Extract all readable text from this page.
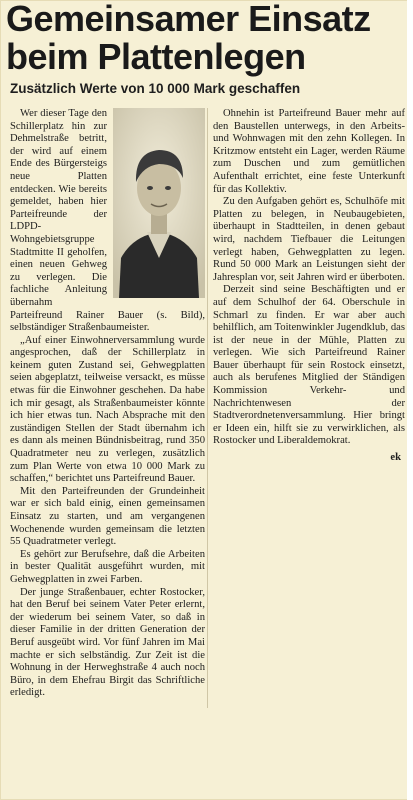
Gemeinsamer Einsatz
beim Plattenlegen
Zusätzlich Werte von 10 000 Mark geschaffen

Wer dieser Tage den Schillerplatz hin zur Dehmelstraße betritt, der wird auf einem Ende des Bürgersteigs neue Platten entdecken. Wie bereits gemeldet, haben hier Parteifreunde der LDPD-Wohngebietsgruppe Stadtmitte II geholfen, einen neuen Gehweg zu verlegen. Die fachliche Anleitung übernahm Parteifreund Rainer Bauer (s. Bild), selbständiger Straßenbaumeister.

„Auf einer Einwohnerversammlung wurde angesprochen, daß der Schillerplatz in keinem guten Zustand sei, Gehwegplatten seien abgeplatzt, teilweise versackt, es müsse etwas für die Einwohner geschehen. Da habe ich mir gesagt, als Straßenbaumeister könnte ich hier etwas tun. Nach Absprache mit den zuständigen Stellen der Stadt übernahm ich es dann als meinen Bündnisbeitrag, rund 350 Quadratmeter neu zu verlegen, zusätzlich zum Plan Werte von etwa 10 000 Mark zu schaffen,“ berichtet uns Parteifreund Bauer.

Mit den Parteifreunden der Grundeinheit war er sich bald einig, einen gemeinsamen Einsatz zu starten, und am vergangenen Wochenende wurden gemeinsam die letzten 55 Quadratmeter verlegt.

Es gehört zur Berufsehre, daß die Arbeiten in bester Qualität ausgeführt wurden, mit Gehwegplatten in zwei Farben.

Der junge Straßenbauer, echter Rostocker, hat den Beruf bei seinem Vater Peter erlernt, der wiederum bei seinem Vater, so daß in dieser Familie in der dritten Generation der Beruf ausgeübt wird. Vor fünf Jahren im Mai machte er sich selbständig. Zur Zeit ist die Wohnung in der Herweghstraße 4 auch noch Büro, in dem Ehefrau Birgit das Schriftliche erledigt.

Ohnehin ist Parteifreund Bauer mehr auf den Baustellen unterwegs, in den Arbeits- und Wohnwagen mit den zehn Kollegen. In Kritzmow entsteht ein Lager, werden Räume zum Duschen und zum gemütlichen Aufenthalt errichtet, eine feste Unterkunft für das Kollektiv.

Zu den Aufgaben gehört es, Schulhöfe mit Platten zu belegen, in Neubaugebieten, überhaupt in Stadtteilen, in denen gebaut wird, nachdem Tiefbauer die Leitungen verlegt haben, Gehwegplatten zu legen. Rund 50 000 Mark an Leistungen sieht der Jahresplan vor, seit Jahren wird er überboten.

Derzeit sind seine Beschäftigten und er auf dem Schulhof der 64. Oberschule in Schmarl zu finden. Er war aber auch behilflich, am Toitenwinkler Jugendklub, das ist der neue in der Mühle, Platten zu verlegen. Wie sich Parteifreund Rainer Bauer überhaupt für sein Rostock einsetzt, auch als berufenes Mitglied der Ständigen Kommission Verkehr- und Nachrichtenwesen der Stadtverordnetenversammlung. Hier bringt er Ideen ein, hilft sie zu verwirklichen, als Rostocker und Liberaldemokrat.

ek
